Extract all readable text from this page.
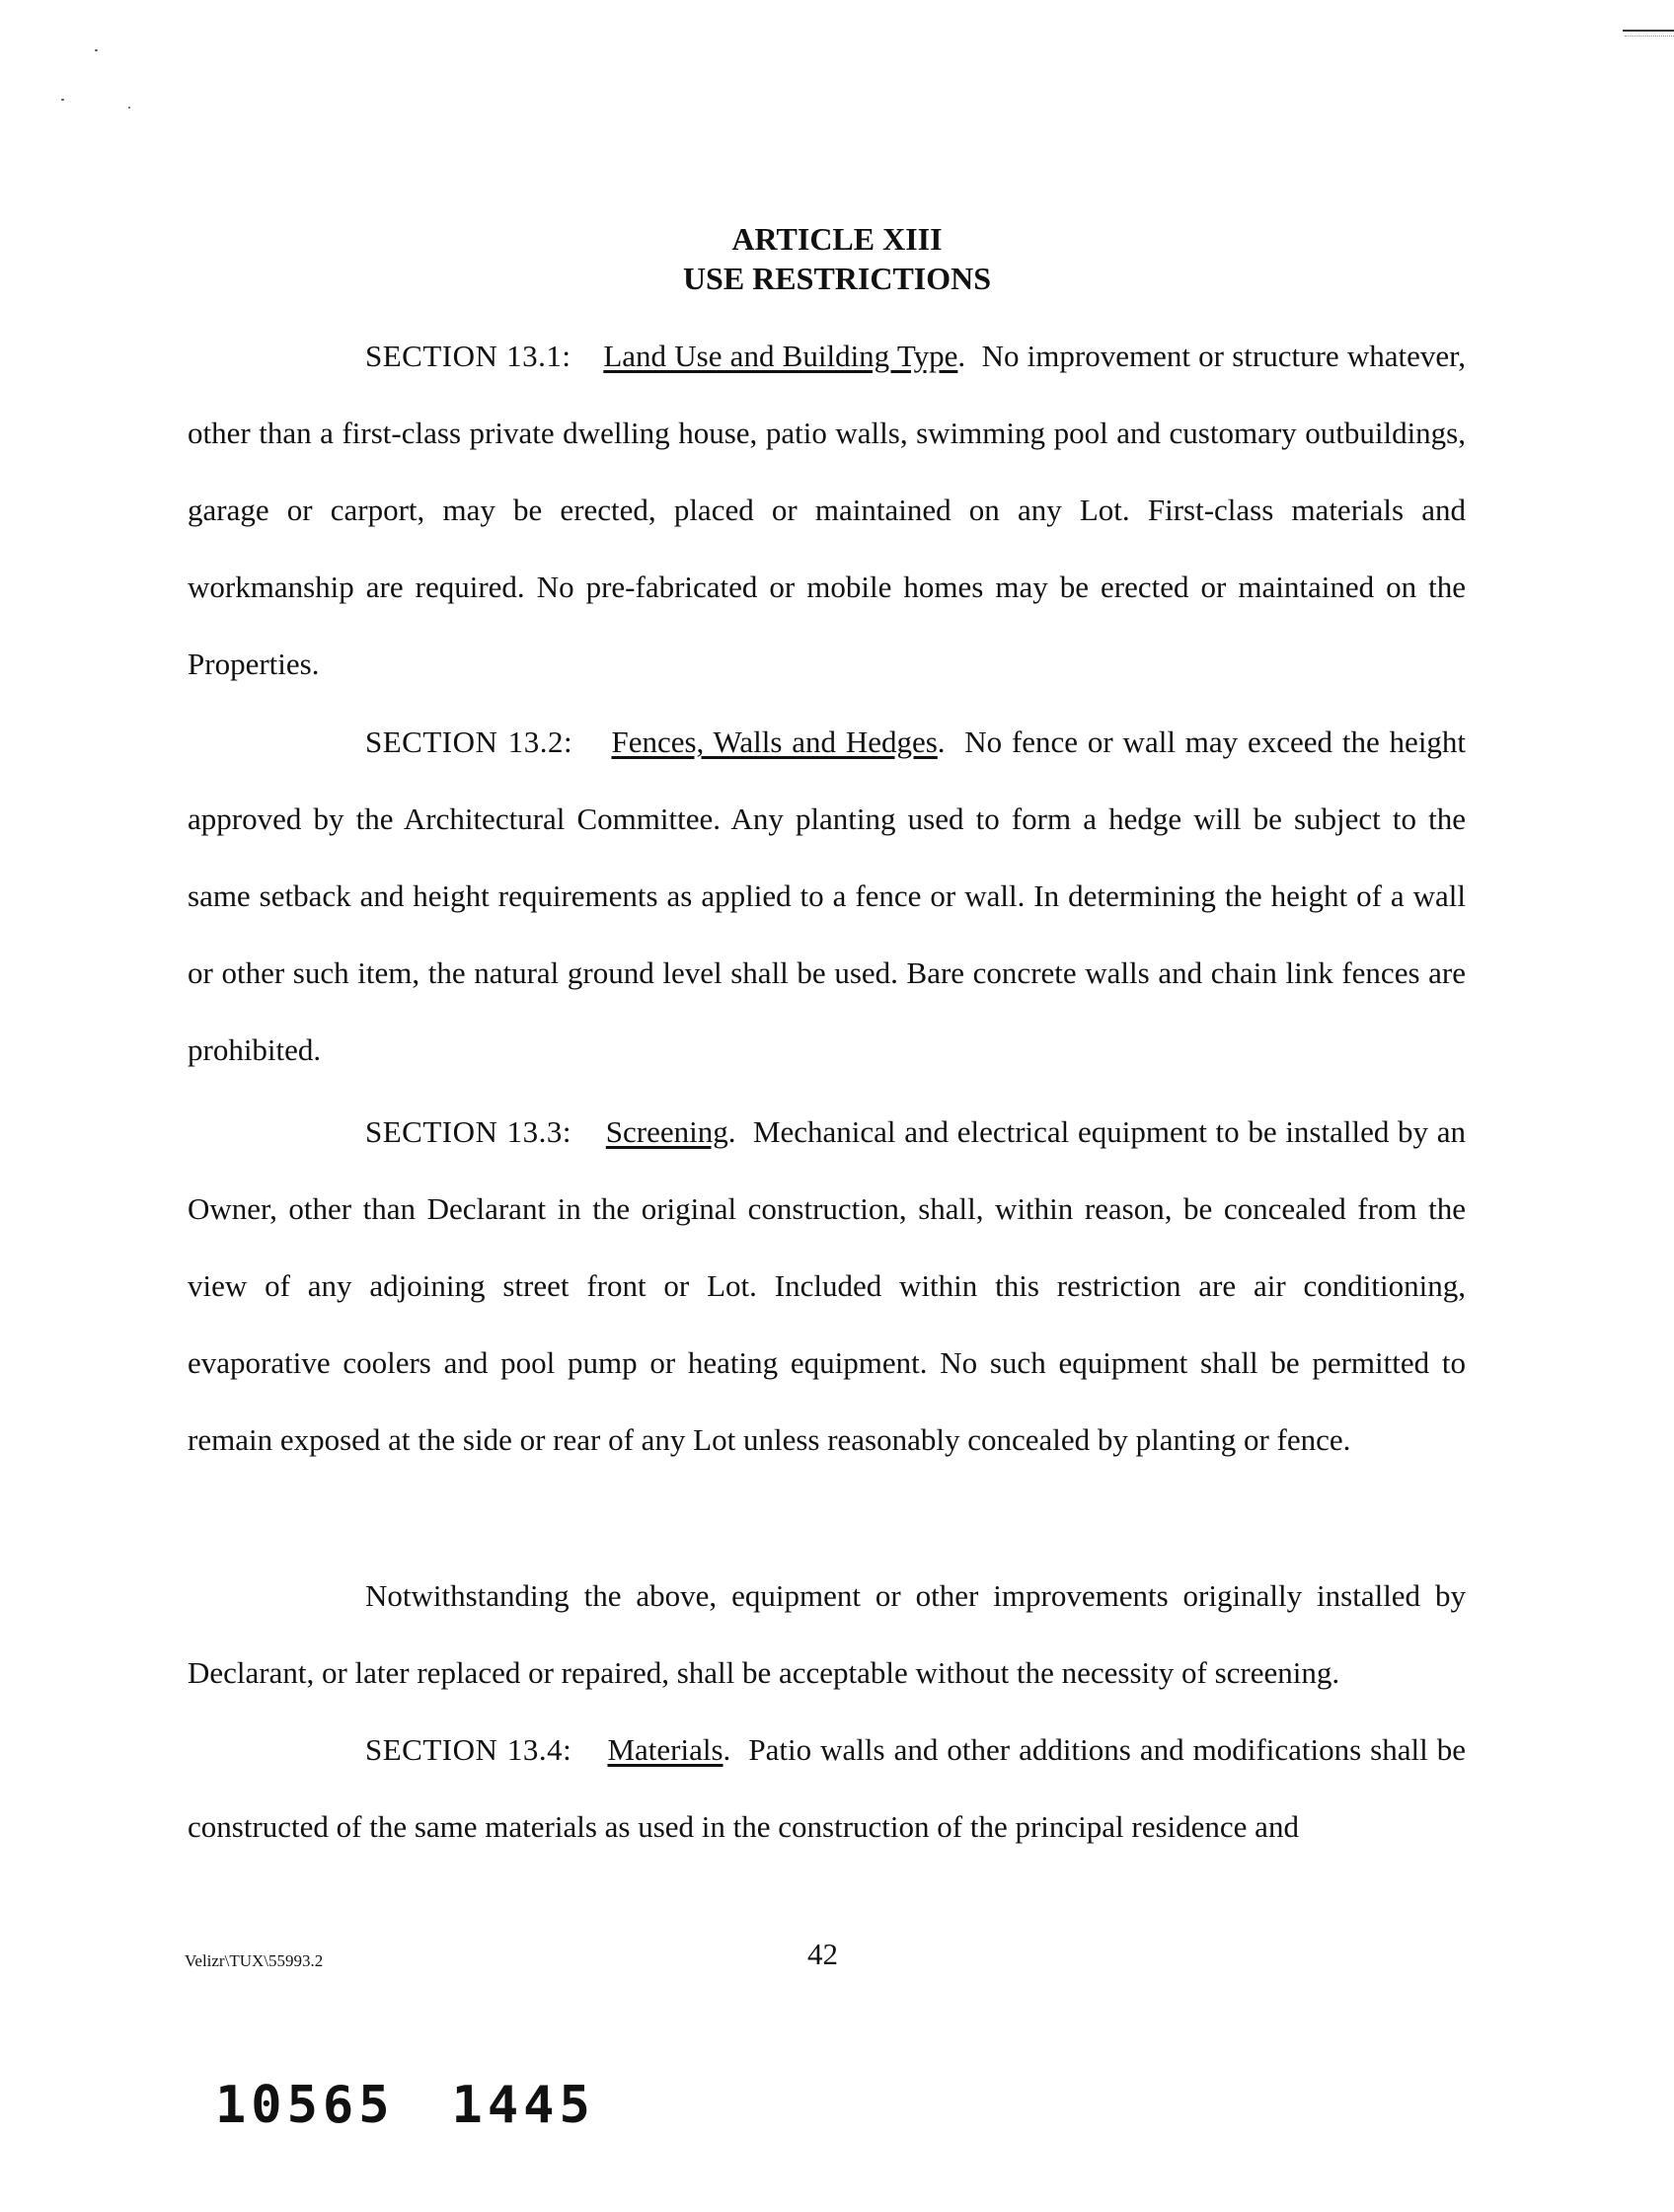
ARTICLE XIII
USE RESTRICTIONS

SECTION 13.1: Land Use and Building Type.  No improvement or structure whatever, other than a first-class private dwelling house, patio walls, swimming pool and customary outbuildings, garage or carport, may be erected, placed or maintained on any Lot. First-class materials and workmanship are required. No pre-fabricated or mobile homes may be erected or maintained on the Properties.

SECTION 13.2: Fences, Walls and Hedges.  No fence or wall may exceed the height approved by the Architectural Committee. Any planting used to form a hedge will be subject to the same setback and height requirements as applied to a fence or wall. In determining the height of a wall or other such item, the natural ground level shall be used. Bare concrete walls and chain link fences are prohibited.

SECTION 13.3: Screening.  Mechanical and electrical equipment to be installed by an Owner, other than Declarant in the original construction, shall, within reason, be concealed from the view of any adjoining street front or Lot. Included within this restriction are air conditioning, evaporative coolers and pool pump or heating equipment. No such equipment shall be permitted to remain exposed at the side or rear of any Lot unless reasonably concealed by planting or fence.

Notwithstanding the above, equipment or other improvements originally installed by Declarant, or later replaced or repaired, shall be acceptable without the necessity of screening.

SECTION 13.4: Materials.  Patio walls and other additions and modifications shall be constructed of the same materials as used in the construction of the principal residence and

Velizr\TUX\55993.2	42
10565 1445
